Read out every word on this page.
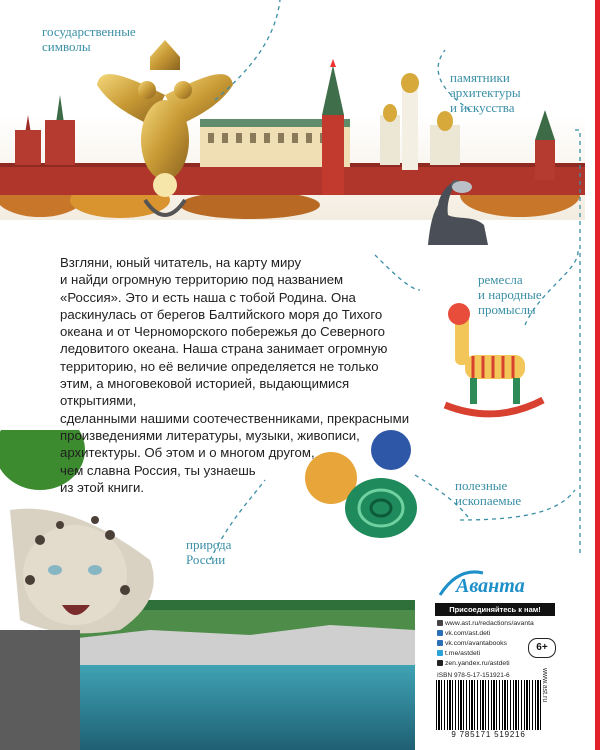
государственные
символы
памятники
архитектуры
и искусства
ремесла
и народные
промыслы
полезные
ископаемые
природа
России

Взгляни, юный читатель, на карту миру
и найди огромную территорию под названием
«Россия». Это и есть наша с тобой Родина. Она
раскинулась от берегов Балтийского моря до Тихого
океана и от Черноморского побережья до Северного
ледовитого океана. Наша страна занимает огромную
территорию, но её величие определяется не только
этим, а многовековой историей, выдающимися открытиями,
сделанными нашими соотечественниками, прекрасными
произведениями литературы, музыки, живописи,
архитектуры. Об этом и о многом другом,
чем славна Россия, ты узнаешь
из этой книги.

Аванта
Присоединяйтесь к нам!
www.ast.ru/redactions/avanta
vk.com/ast.deti
vk.com/avantabooks
t.me/astdeti
zen.yandex.ru/astdeti
6+
ISBN 978-5-17-151921-6
9 785171 519216
www.ast.ru
